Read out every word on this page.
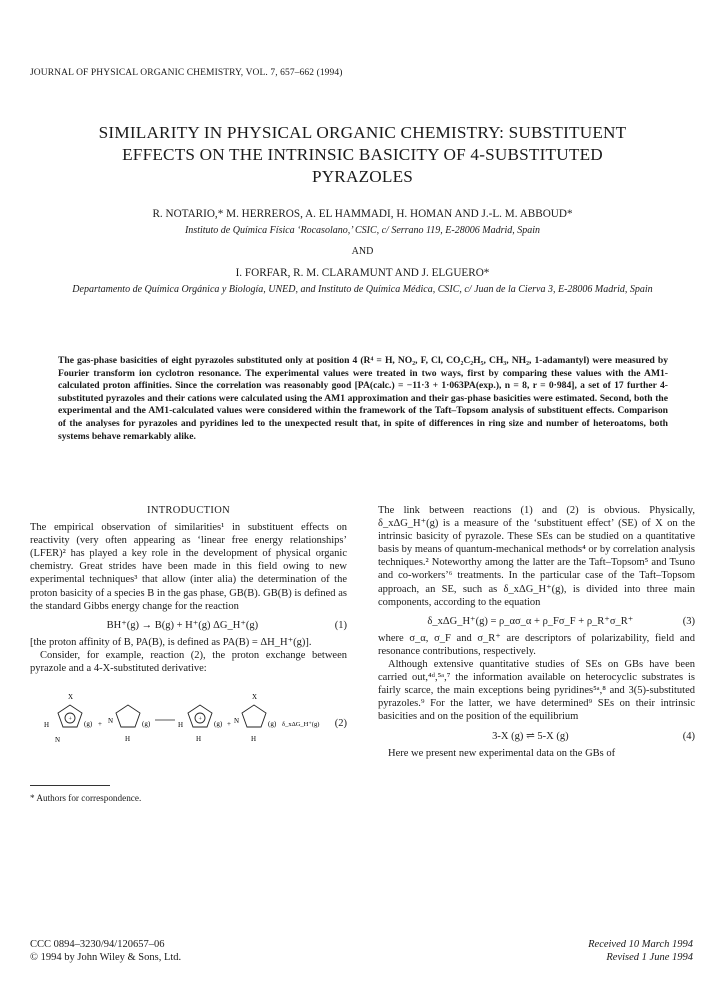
JOURNAL OF PHYSICAL ORGANIC CHEMISTRY, VOL. 7, 657–662 (1994)
SIMILARITY IN PHYSICAL ORGANIC CHEMISTRY: SUBSTITUENT
EFFECTS ON THE INTRINSIC BASICITY OF 4-SUBSTITUTED
PYRAZOLES
R. NOTARIO,* M. HERREROS, A. EL HAMMADI, H. HOMAN AND J.-L. M. ABBOUD*
Instituto de Química Física ‘Rocasolano,’ CSIC, c/ Serrano 119, E-28006 Madrid, Spain
AND
I. FORFAR, R. M. CLARAMUNT AND J. ELGUERO*
Departamento de Química Orgánica y Biología, UNED, and Instituto de Química Médica, CSIC, c/ Juan de la Cierva 3, E-28006 Madrid, Spain
The gas-phase basicities of eight pyrazoles substituted only at position 4 (R⁴ = H, NO₂, F, Cl, CO₂C₂H₅, CH₃, NH₂, 1-adamantyl) were measured by Fourier transform ion cyclotron resonance. The experimental values were treated in two ways, first by comparing these values with the AM1-calculated proton affinities. Since the correlation was reasonably good [PA(calc.) = −11·3 + 1·063PA(exp.), n = 8, r = 0·984], a set of 17 further 4-substituted pyrazoles and their cations were calculated using the AM1 approximation and their gas-phase basicities were estimated. Second, both the experimental and the AM1-calculated values were considered within the framework of the Taft–Topsom analysis of substituent effects. Comparison of the analyses for pyrazoles and pyridines led to the unexpected result that, in spite of differences in ring size and number of heteroatoms, both systems behave remarkably alike.
INTRODUCTION

The empirical observation of similarities¹ in substituent effects on reactivity (very often appearing as ‘linear free energy relationships’ (LFER)² has played a key role in the development of physical organic chemistry. Great strides have been made in this field owing to new experimental techniques³ that allow (inter alia) the determination of the proton basicity of a species B in the gas phase, GB(B). GB(B) is defined as the standard Gibbs energy change for the reaction

BH⁺(g) → B(g) + H⁺(g) ΔG_H⁺(g)	(1)

[the proton affinity of B, PA(B), is defined as PA(B) = ΔH_H⁺(g)].

Consider, for example, reaction (2), the proton exchange between pyrazole and a 4-X-substituted derivative:

+
N
X
H	(g) + N
H
(g)
+
H
H
(g) +
X
N
H
(g) δ_xΔG_H⁺(g) (2)
* Authors for correspondence.

The link between reactions (1) and (2) is obvious. Physically, δ_xΔG_H⁺(g) is a measure of the ‘substituent effect’ (SE) of X on the intrinsic basicity of pyrazole. These SEs can be studied on a quantitative basis by means of quantum-mechanical methods⁴ or by correlation analysis techniques.² Noteworthy among the latter are the Taft–Topsom⁵ and Tsuno and co-workers’⁶ treatments. In the particular case of the Taft–Topsom approach, an SE, such as δ_xΔG_H⁺(g), is divided into three main components, according to the equation

δ_xΔG_H⁺(g) = ρ_ασ_α + ρ_Fσ_F + ρ_R⁺σ_R⁺	(3)

where σ_α, σ_F and σ_R⁺ are descriptors of polarizability, field and resonance contributions, respectively.

Although extensive quantitative studies of SEs on GBs have been carried out,⁴ᵈ,⁵ᵃ,⁷ the information available on heterocyclic substrates is fairly scarce, the main exceptions being pyridines⁵ᵃ,⁸ and 3(5)-substituted pyrazoles.⁹ For the latter, we have determined⁹ SEs on their intrinsic basicities and on the position of the equilibrium

3-X (g) ⇌ 5-X (g)	(4)

Here we present new experimental data on the GBs of

CCC 0894–3230/94/120657–06
© 1994 by John Wiley & Sons, Ltd.
Received 10 March 1994
Revised 1 June 1994
